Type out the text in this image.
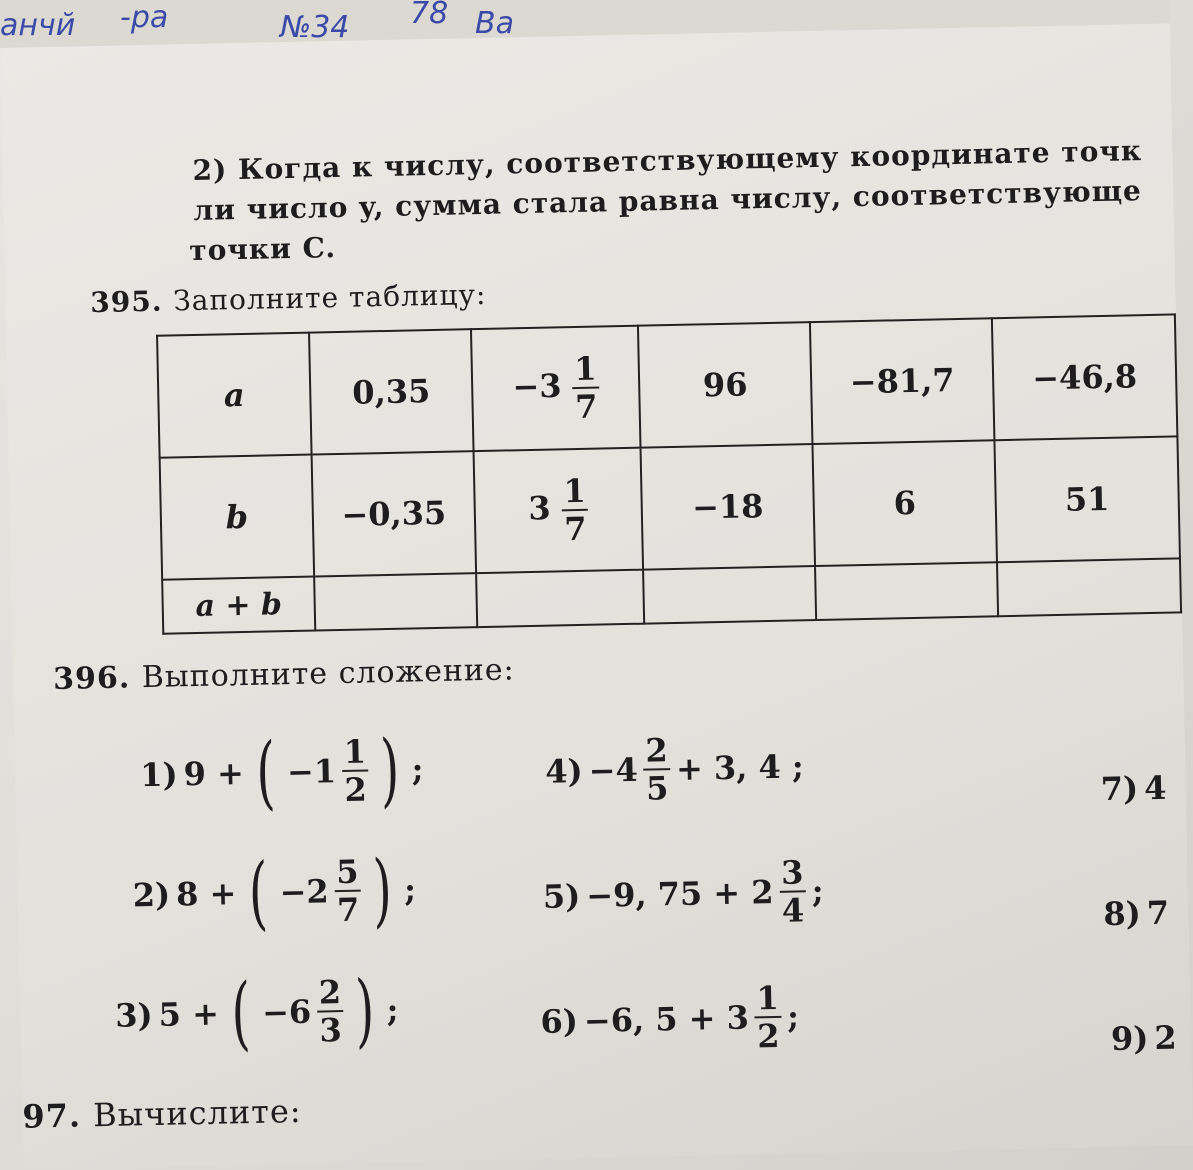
анчй -ра	№34 78 Ва
2) Когда к числу, соответствующему координате точк
ли число y, сумма стала равна числу, соответствующе
точки C.
395. Заполните таблицу:
a	0,35	$-3 \frac{1}{7}$	96	−81,7	−46,8
b	−0,35	$3 \frac{1}{7}$	−18	6	51
a + b					
396. Выполните сложение:
1) 9 + ( $-1 \frac{1}{2}$ ) ;
2) 8 + ( $-2 \frac{5}{7}$ ) ;
3) 5 + ( $-6 \frac{2}{3}$ ) ;
$4) -4 \frac{2}{5} + 3$, 4 ;
5) −9, $75 + 2 \frac{3}{4}$ ;
6) −6, $5 + 3 \frac{1}{2}$ ;
7) 4
8) 7
9) 2
97. Вычислите:
